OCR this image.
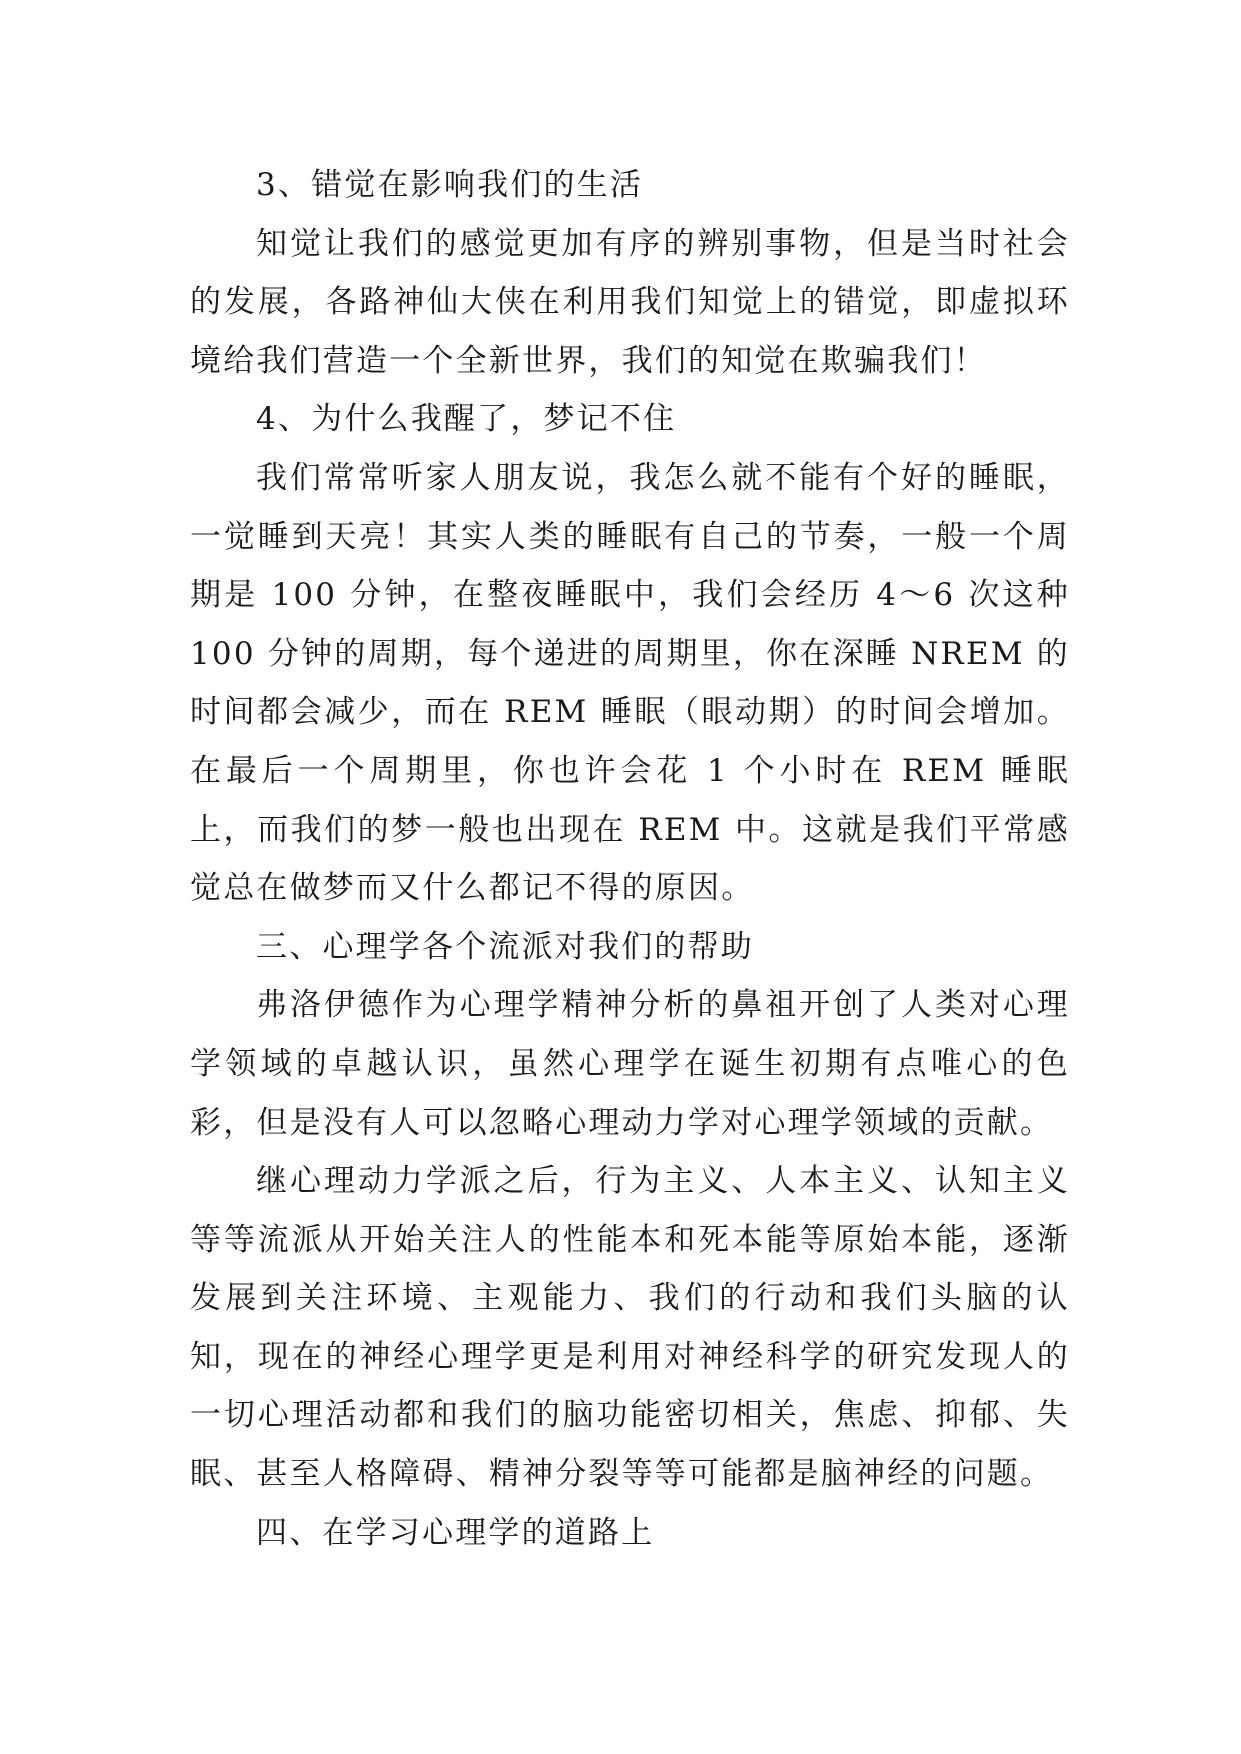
3、错觉在影响我们的生活

知觉让我们的感觉更加有序的辨别事物，但是当时社会的发展，各路神仙大侠在利用我们知觉上的错觉，即虚拟环境给我们营造一个全新世界，我们的知觉在欺骗我们！

4、为什么我醒了，梦记不住

我们常常听家人朋友说，我怎么就不能有个好的睡眠，一觉睡到天亮！其实人类的睡眠有自己的节奏，一般一个周期是 100 分钟，在整夜睡眠中，我们会经历 4～6 次这种 100 分钟的周期，每个递进的周期里，你在深睡 NREM 的时间都会减少，而在 REM 睡眠（眼动期）的时间会增加。在最后一个周期里，你也许会花 1 个小时在 REM 睡眠上，而我们的梦一般也出现在 REM 中。这就是我们平常感觉总在做梦而又什么都记不得的原因。

三、心理学各个流派对我们的帮助

弗洛伊德作为心理学精神分析的鼻祖开创了人类对心理学领域的卓越认识，虽然心理学在诞生初期有点唯心的色彩，但是没有人可以忽略心理动力学对心理学领域的贡献。

继心理动力学派之后，行为主义、人本主义、认知主义等等流派从开始关注人的性能本和死本能等原始本能，逐渐发展到关注环境、主观能力、我们的行动和我们头脑的认知，现在的神经心理学更是利用对神经科学的研究发现人的一切心理活动都和我们的脑功能密切相关，焦虑、抑郁、失眠、甚至人格障碍、精神分裂等等可能都是脑神经的问题。

四、在学习心理学的道路上
